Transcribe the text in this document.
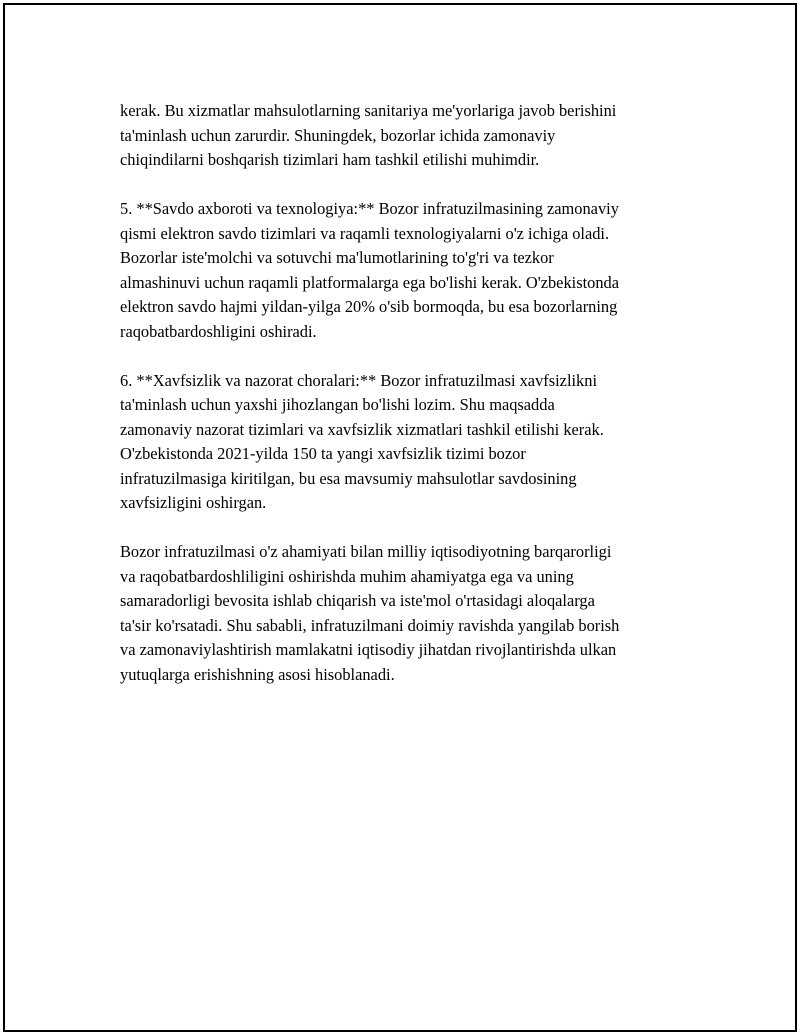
kerak. Bu xizmatlar mahsulotlarning sanitariya me'yorlariga javob berishini
ta'minlash uchun zarurdir. Shuningdek, bozorlar ichida zamonaviy
chiqindilarni boshqarish tizimlari ham tashkil etilishi muhimdir.

5. **Savdo axboroti va texnologiya:** Bozor infratuzilmasining zamonaviy
qismi elektron savdo tizimlari va raqamli texnologiyalarni o'z ichiga oladi.
Bozorlar iste'molchi va sotuvchi ma'lumotlarining to'g'ri va tezkor
almashinuvi uchun raqamli platformalarga ega bo'lishi kerak. O'zbekistonda
elektron savdo hajmi yildan-yilga 20% o'sib bormoqda, bu esa bozorlarning
raqobatbardoshligini oshiradi.

6. **Xavfsizlik va nazorat choralari:** Bozor infratuzilmasi xavfsizlikni
ta'minlash uchun yaxshi jihozlangan bo'lishi lozim. Shu maqsadda
zamonaviy nazorat tizimlari va xavfsizlik xizmatlari tashkil etilishi kerak.
O'zbekistonda 2021-yilda 150 ta yangi xavfsizlik tizimi bozor
infratuzilmasiga kiritilgan, bu esa mavsumiy mahsulotlar savdosining
xavfsizligini oshirgan.

Bozor infratuzilmasi o'z ahamiyati bilan milliy iqtisodiyotning barqarorligi
va raqobatbardoshliligini oshirishda muhim ahamiyatga ega va uning
samaradorligi bevosita ishlab chiqarish va iste'mol o'rtasidagi aloqalarga
ta'sir ko'rsatadi. Shu sababli, infratuzilmani doimiy ravishda yangilab borish
va zamonaviylashtirish mamlakatni iqtisodiy jihatdan rivojlantirishda ulkan
yutuqlarga erishishning asosi hisoblanadi.
